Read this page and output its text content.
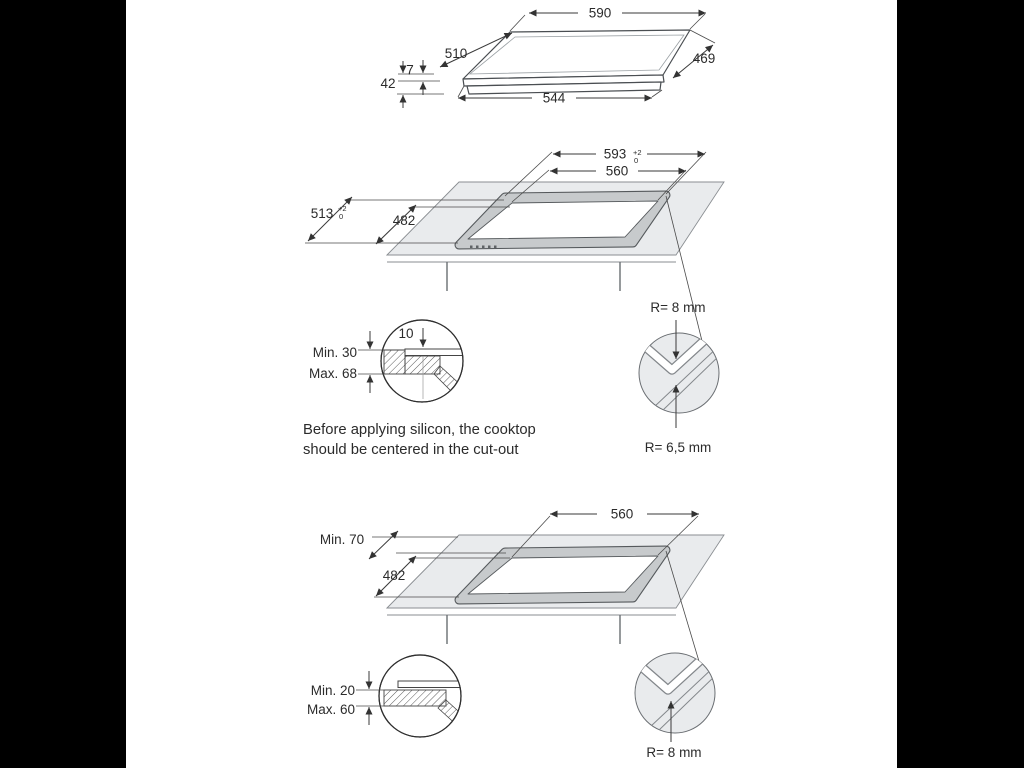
590
510	469
7
42
544
593 +2
0
560
513 +2
0	482
R= 8 mm
R= 6,5 mm
10
Min. 30
Max. 68
Before applying silicon, the cooktop
should be centered in the cut-out
560
Min. 70
482
Min. 20
Max. 60
R= 8 mm
